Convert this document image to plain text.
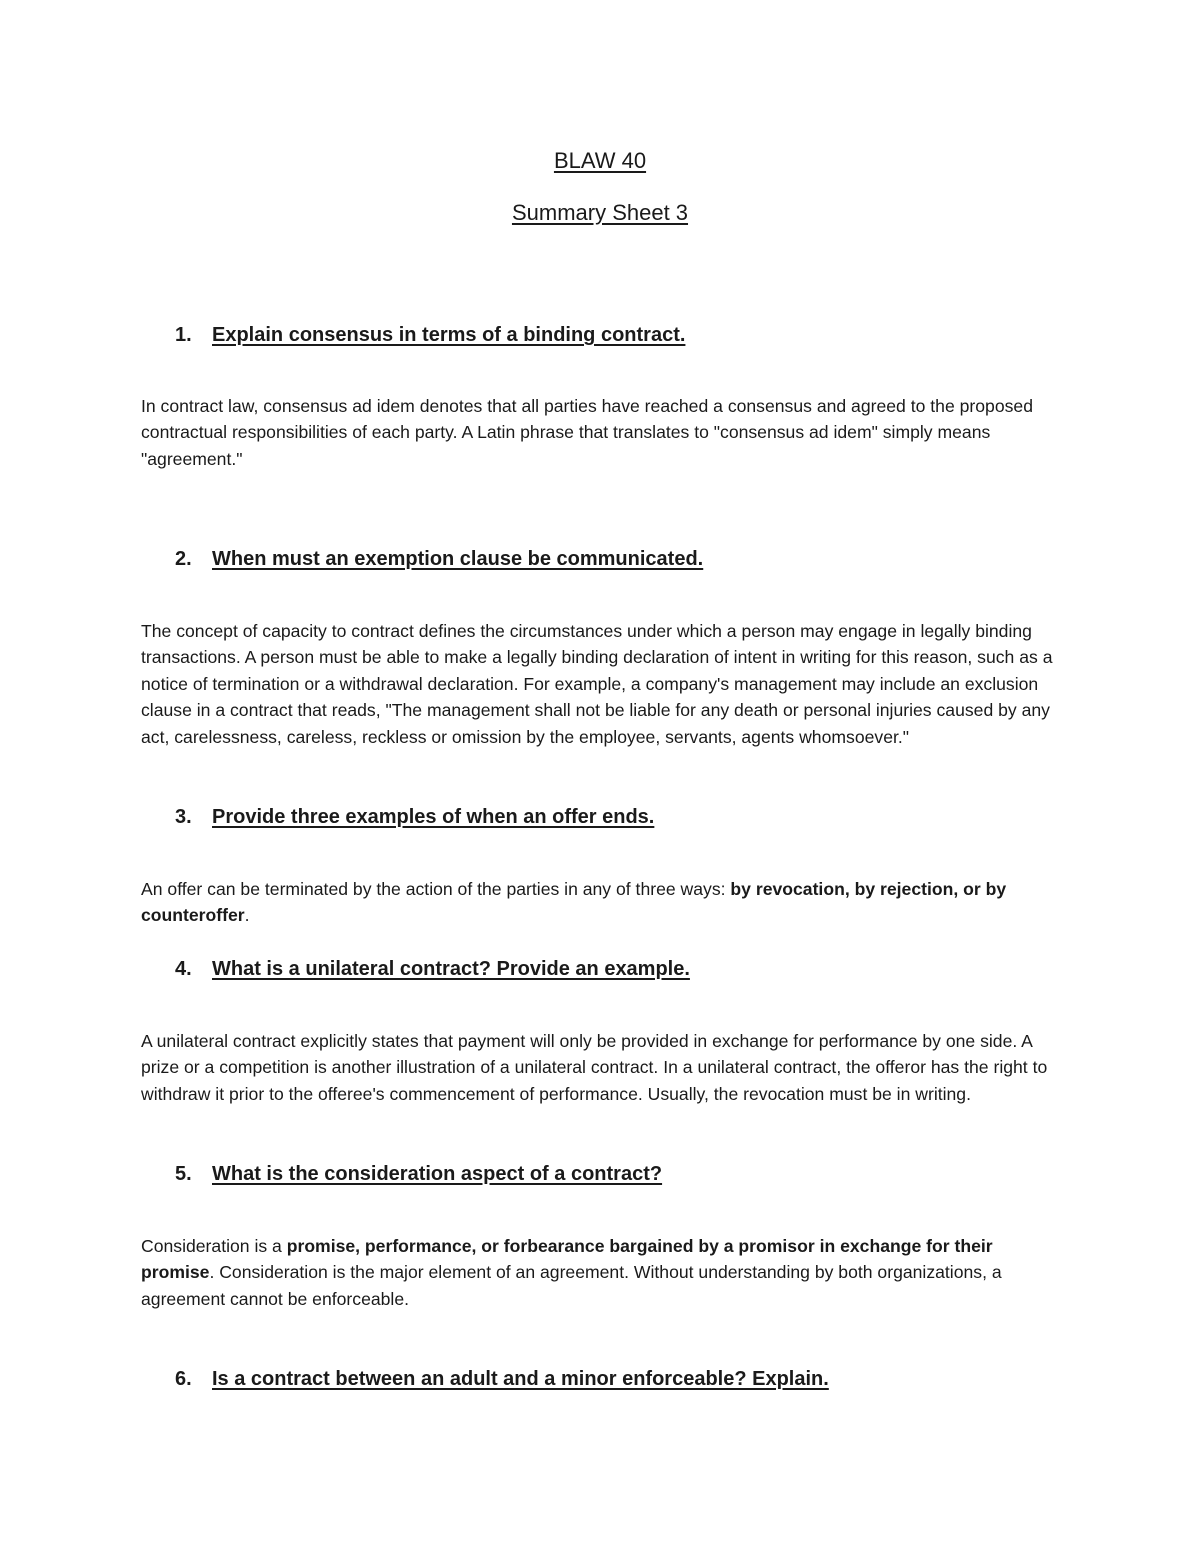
BLAW 40
Summary Sheet 3

1. Explain consensus in terms of a binding contract.

In contract law, consensus ad idem denotes that all parties have reached a consensus and agreed to the proposed contractual responsibilities of each party. A Latin phrase that translates to "consensus ad idem" simply means "agreement."

2. When must an exemption clause be communicated.

The concept of capacity to contract defines the circumstances under which a person may engage in legally binding transactions. A person must be able to make a legally binding declaration of intent in writing for this reason, such as a notice of termination or a withdrawal declaration. For example, a company's management may include an exclusion clause in a contract that reads, "The management shall not be liable for any death or personal injuries caused by any act, carelessness, careless, reckless or omission by the employee, servants, agents whomsoever."

3. Provide three examples of when an offer ends.

An offer can be terminated by the action of the parties in any of three ways: by revocation, by rejection, or by counteroffer.

4. What is a unilateral contract? Provide an example.

A unilateral contract explicitly states that payment will only be provided in exchange for performance by one side. A prize or a competition is another illustration of a unilateral contract. In a unilateral contract, the offeror has the right to withdraw it prior to the offeree's commencement of performance. Usually, the revocation must be in writing.

5. What is the consideration aspect of a contract?

Consideration is a promise, performance, or forbearance bargained by a promisor in exchange for their promise. Consideration is the major element of an agreement. Without understanding by both organizations, a agreement cannot be enforceable.

6. Is a contract between an adult and a minor enforceable? Explain.
